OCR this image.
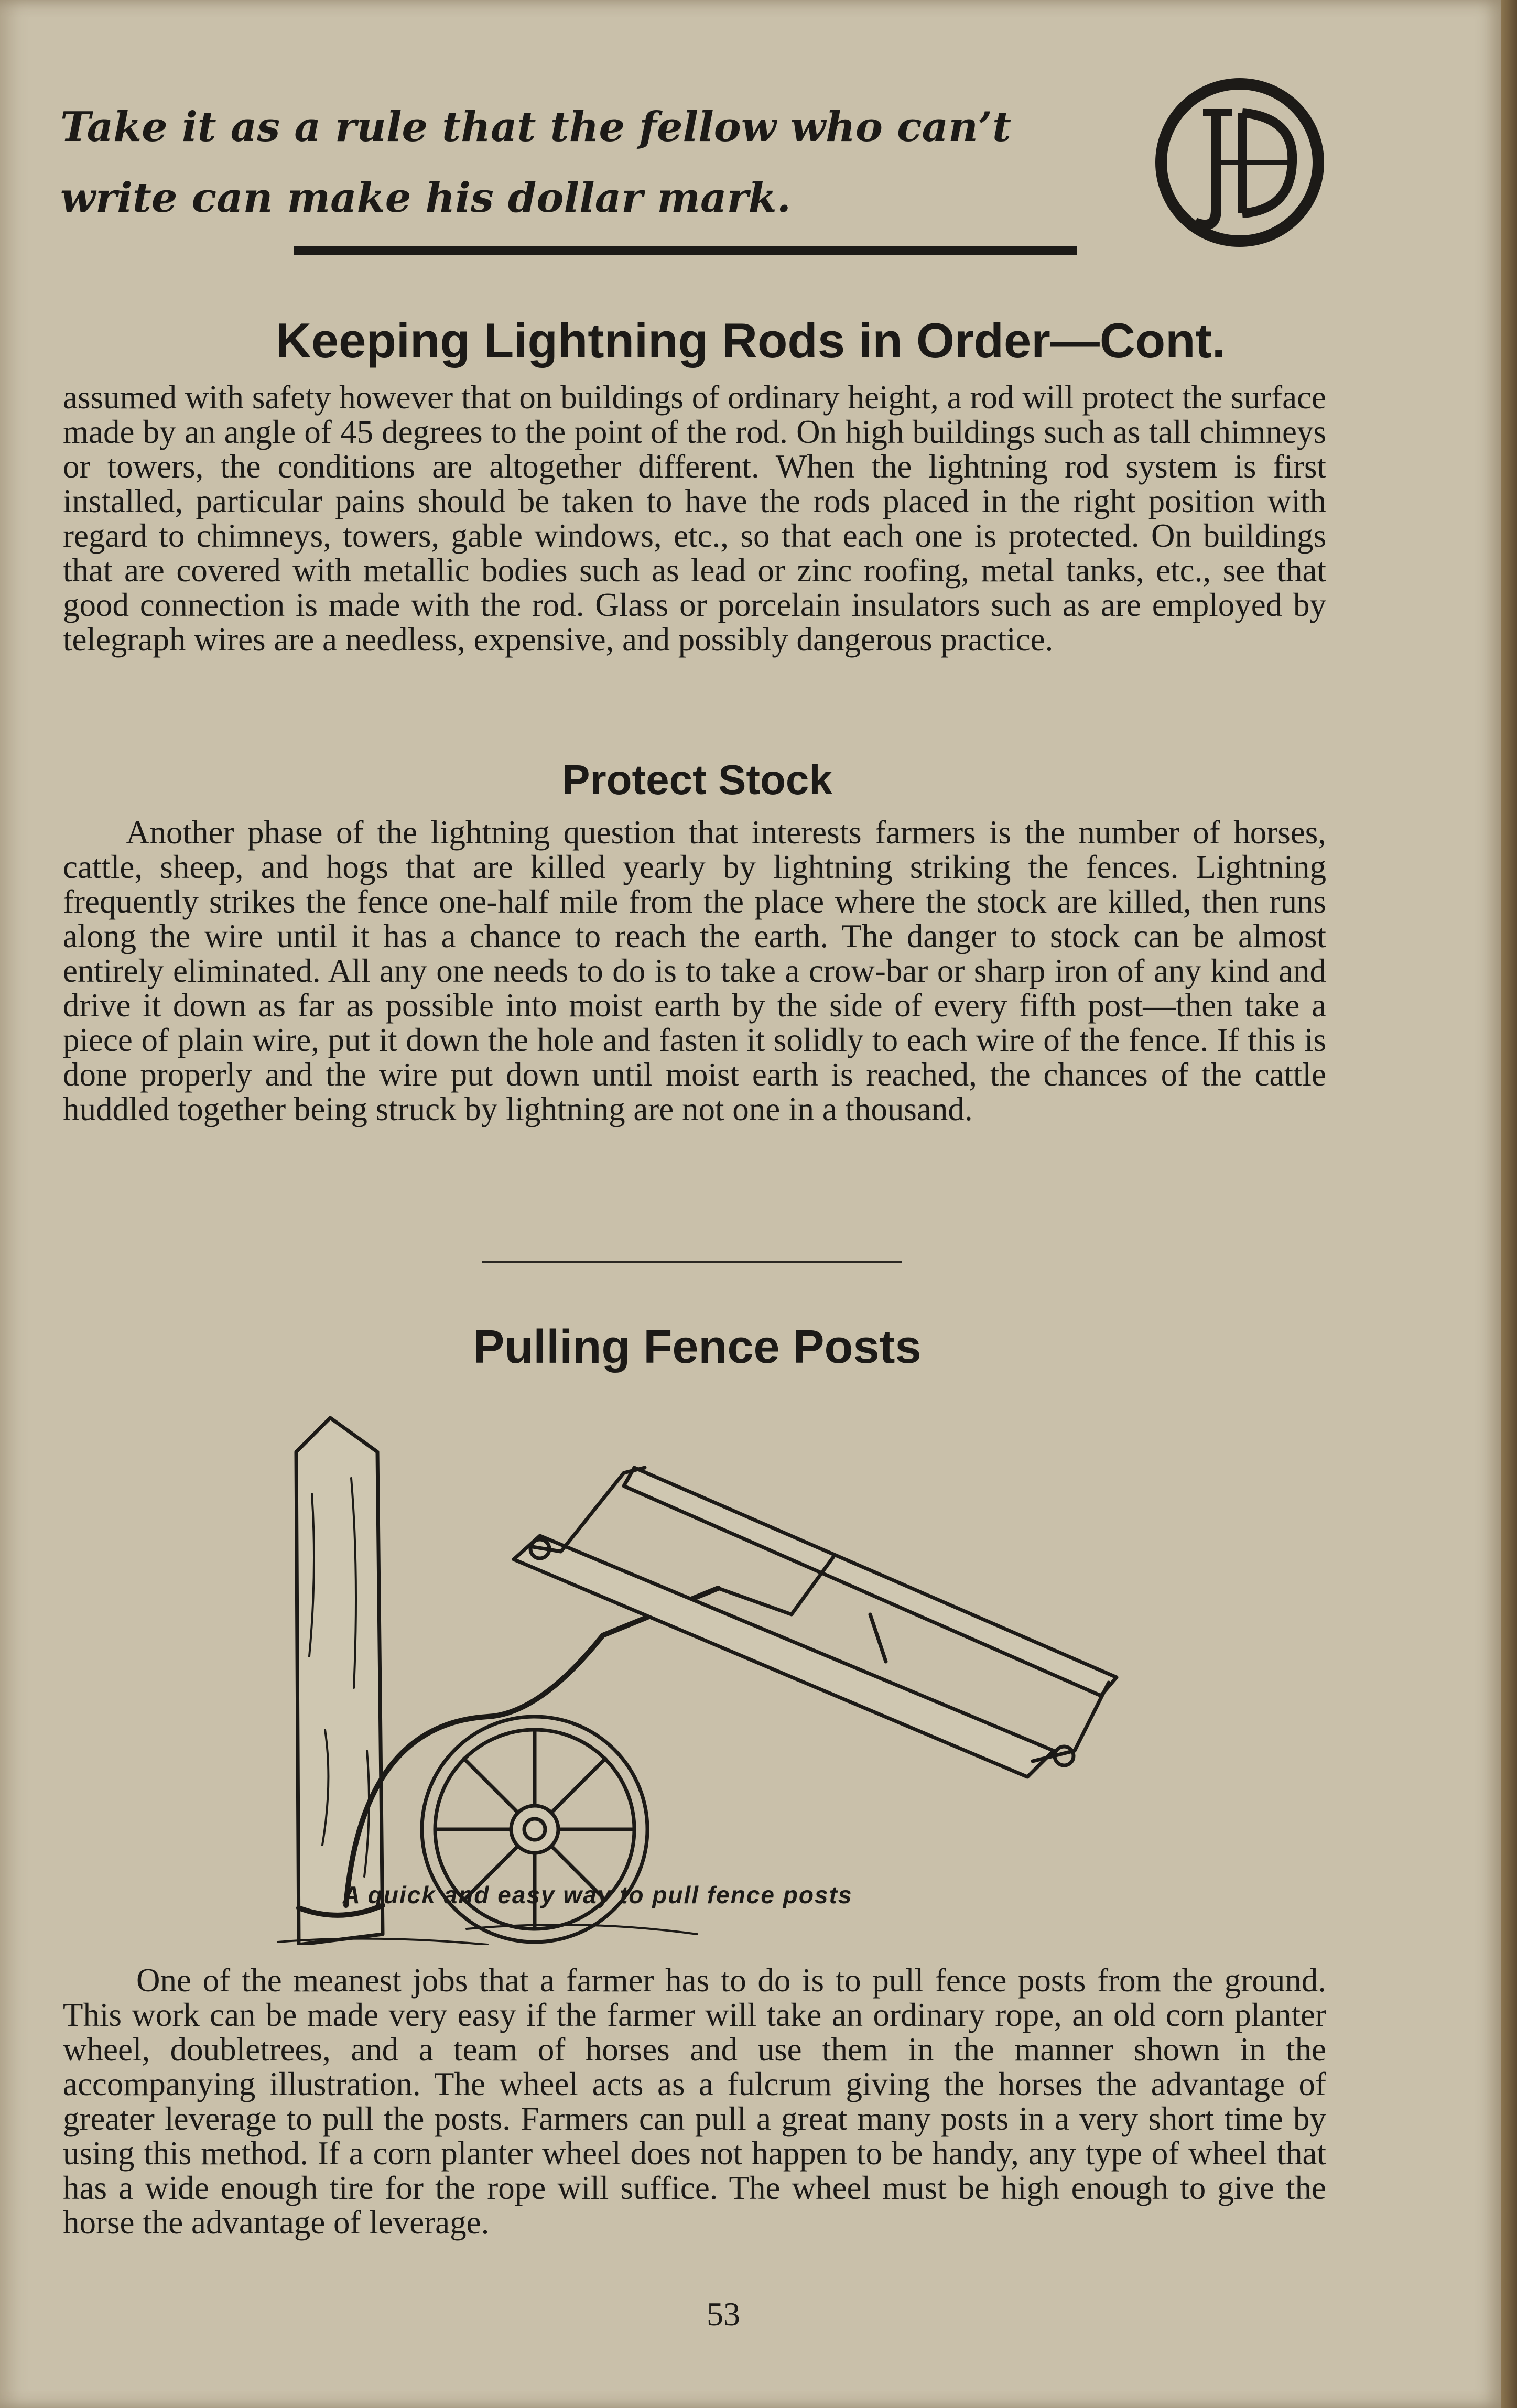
Take it as a rule that the fellow who can’t write can make his dollar mark.

Keeping Lightning Rods in Order—Cont.

assumed with safety however that on buildings of ordinary height, a rod will protect the surface made by an angle of 45 degrees to the point of the rod. On high buildings such as tall chimneys or towers, the conditions are altogether different. When the lightning rod system is first installed, particular pains should be taken to have the rods placed in the right position with regard to chimneys, towers, gable windows, etc., so that each one is protected. On buildings that are covered with metallic bodies such as lead or zinc roofing, metal tanks, etc., see that good connection is made with the rod. Glass or porcelain insulators such as are employed by telegraph wires are a needless, expensive, and possibly dangerous practice.

Protect Stock

Another phase of the lightning question that interests farmers is the number of horses, cattle, sheep, and hogs that are killed yearly by lightning striking the fences. Lightning frequently strikes the fence one-half mile from the place where the stock are killed, then runs along the wire until it has a chance to reach the earth. The danger to stock can be almost entirely eliminated. All any one needs to do is to take a crow-bar or sharp iron of any kind and drive it down as far as possible into moist earth by the side of every fifth post—then take a piece of plain wire, put it down the hole and fasten it solidly to each wire of the fence. If this is done properly and the wire put down until moist earth is reached, the chances of the cattle huddled together being struck by lightning are not one in a thousand.

Pulling Fence Posts

A quick and easy way to pull fence posts

One of the meanest jobs that a farmer has to do is to pull fence posts from the ground. This work can be made very easy if the farmer will take an ordinary rope, an old corn planter wheel, doubletrees, and a team of horses and use them in the manner shown in the accompanying illustration. The wheel acts as a fulcrum giving the horses the advantage of greater leverage to pull the posts. Farmers can pull a great many posts in a very short time by using this method. If a corn planter wheel does not happen to be handy, any type of wheel that has a wide enough tire for the rope will suffice. The wheel must be high enough to give the horse the advantage of leverage.

53
